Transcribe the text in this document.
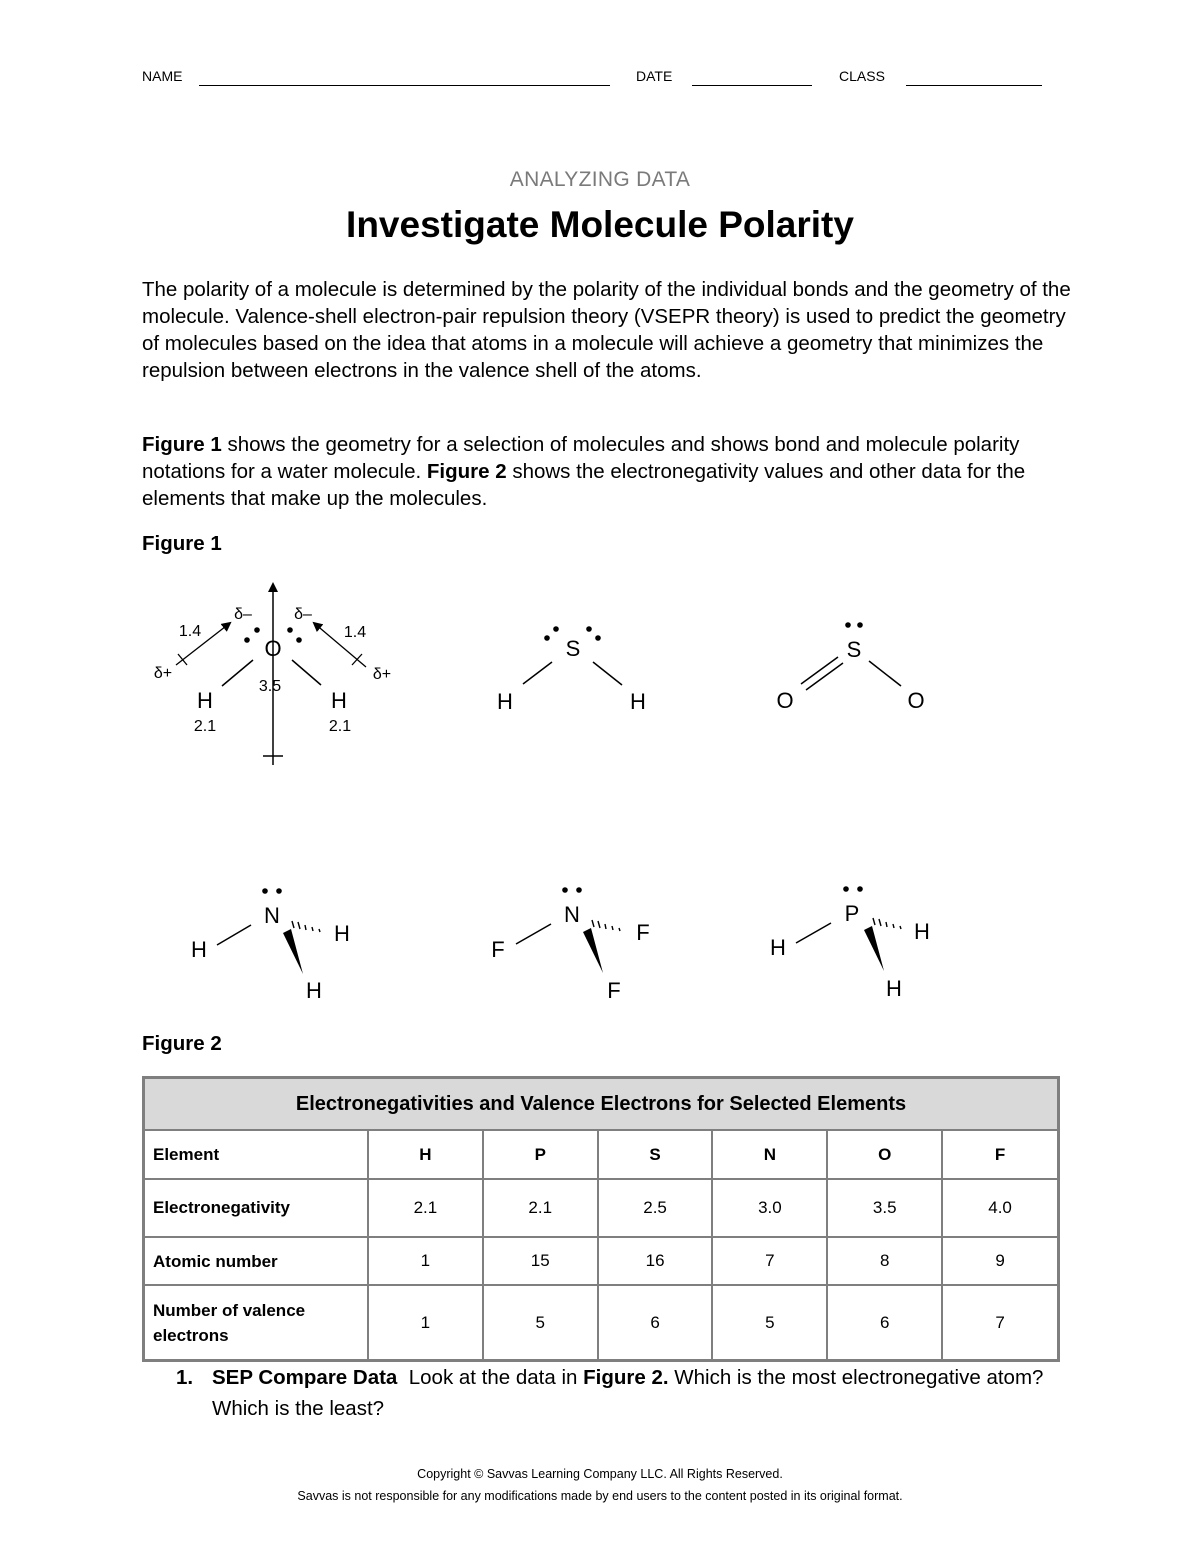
NAME	DATE	CLASS
ANALYZING DATA
Investigate Molecule Polarity

The polarity of a molecule is determined by the polarity of the individual bonds and the geometry of the molecule. Valence-shell electron-pair repulsion theory (VSEPR theory) is used to predict the geometry of molecules based on the idea that atoms in a molecule will achieve a geometry that minimizes the repulsion between electrons in the valence shell of the atoms.

Figure 1 shows the geometry for a selection of molecules and shows bond and molecule polarity notations for a water molecule. Figure 2 shows the electronegativity values and other data for the elements that make up the molecules.

Figure 1
O
H	H
3.5
2.1	2.1
1.4	1.4
δ–	δ–
δ+	δ+
S
H	H
S
O	O
N
H
H
H
N
F
F
F
P
H
H
H
Figure 2
Electronegativities and Valence Electrons for Selected Elements						
Element	H	P	S	N	O	F
Electronegativity	2.1	2.1	2.5	3.0	3.5	4.0
Atomic number	1	15	16	7	8	9
Number of valence electrons	1	5	6	5	6	7
1. SEP Compare Data  Look at the data in Figure 2. Which is the most electronegative atom? Which is the least?
Copyright © Savvas Learning Company LLC. All Rights Reserved.
Savvas is not responsible for any modifications made by end users to the content posted in its original format.
